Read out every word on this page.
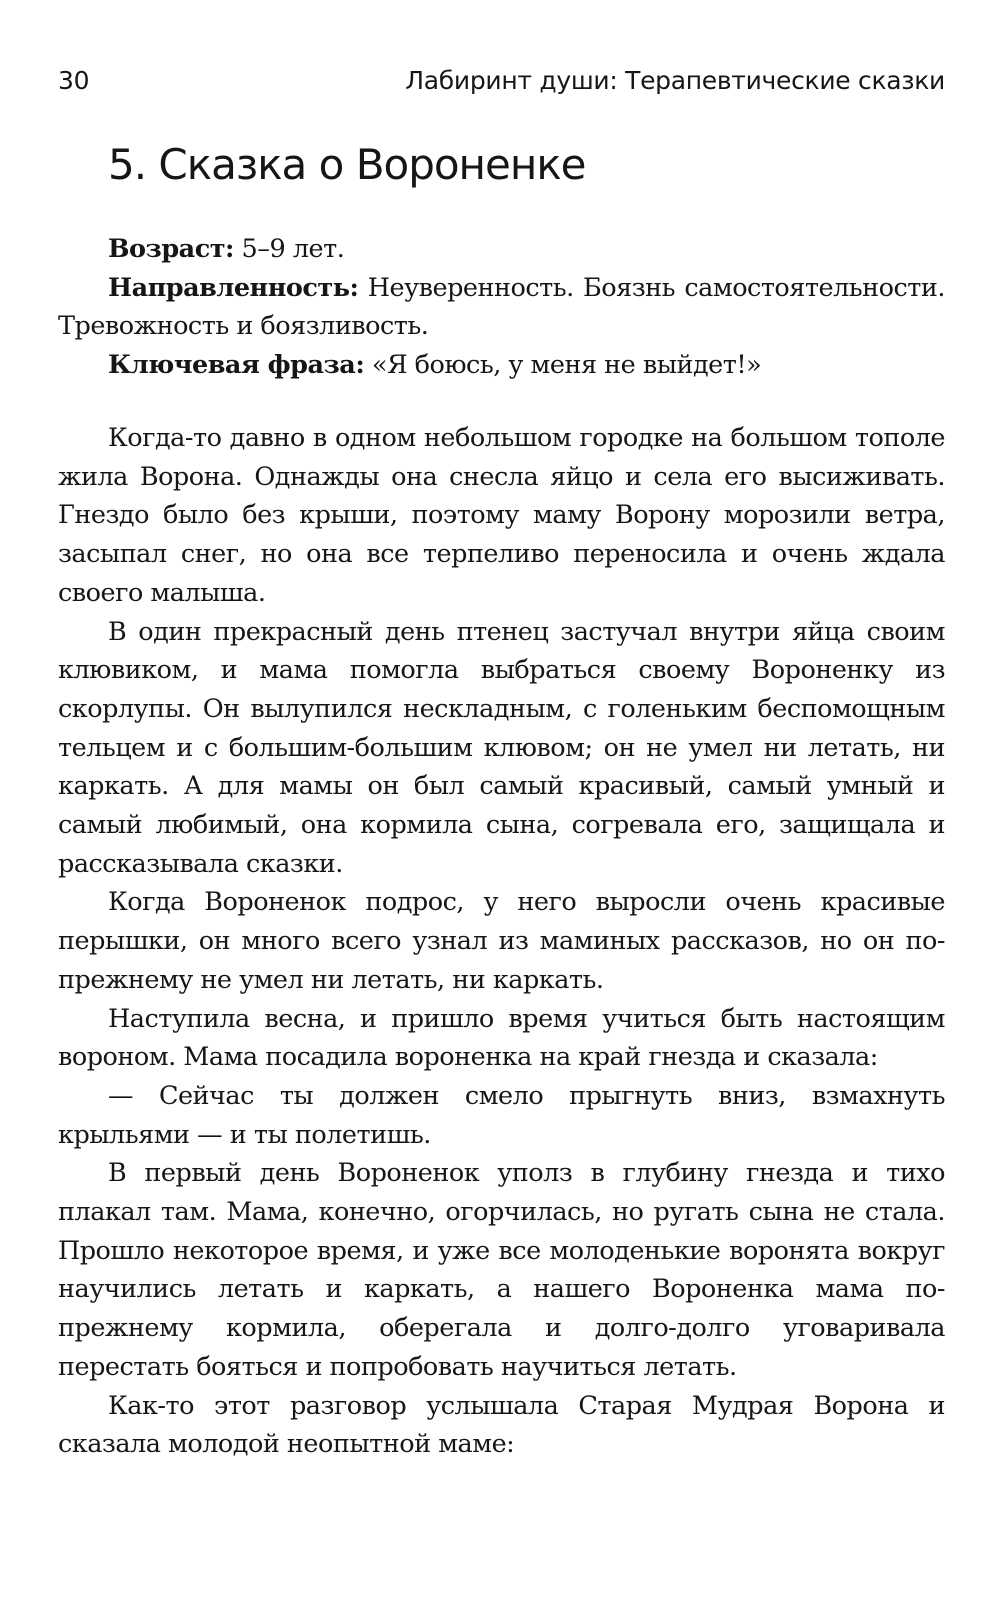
30	Лабиринт души: Терапевтические сказки
5. Сказка о Вороненке

Возраст: 5–9 лет.

Направленность: Неуверенность. Боязнь самостоятельности. Тревожность и боязливость.

Ключевая фраза: «Я боюсь, у меня не выйдет!»

Когда-то давно в одном небольшом городке на большом тополе жила Ворона. Однажды она снесла яйцо и села его высиживать. Гнездо было без крыши, поэтому маму Ворону морозили ветра, засыпал снег, но она все терпеливо переносила и очень ждала своего малыша.

В один прекрасный день птенец застучал внутри яйца своим клювиком, и мама помогла выбраться своему Вороненку из скорлупы. Он вылупился нескладным, с голеньким беспомощным тельцем и с большим-большим клювом; он не умел ни летать, ни каркать. А для мамы он был самый красивый, самый умный и самый любимый, она кормила сына, согревала его, защищала и рассказывала сказки.

Когда Вороненок подрос, у него выросли очень красивые перышки, он много всего узнал из маминых рассказов, но он по-прежнему не умел ни летать, ни каркать.

Наступила весна, и пришло время учиться быть настоящим вороном. Мама посадила вороненка на край гнезда и сказала:

— Сейчас ты должен смело прыгнуть вниз, взмахнуть крыльями — и ты полетишь.

В первый день Вороненок уполз в глубину гнезда и тихо плакал там. Мама, конечно, огорчилась, но ругать сына не стала. Прошло некоторое время, и уже все молоденькие воронята вокруг научились летать и каркать, а нашего Вороненка мама по-прежнему кормила, оберегала и долго-долго уговаривала перестать бояться и попробовать научиться летать.

Как-то этот разговор услышала Старая Мудрая Ворона и сказала молодой неопытной маме:
